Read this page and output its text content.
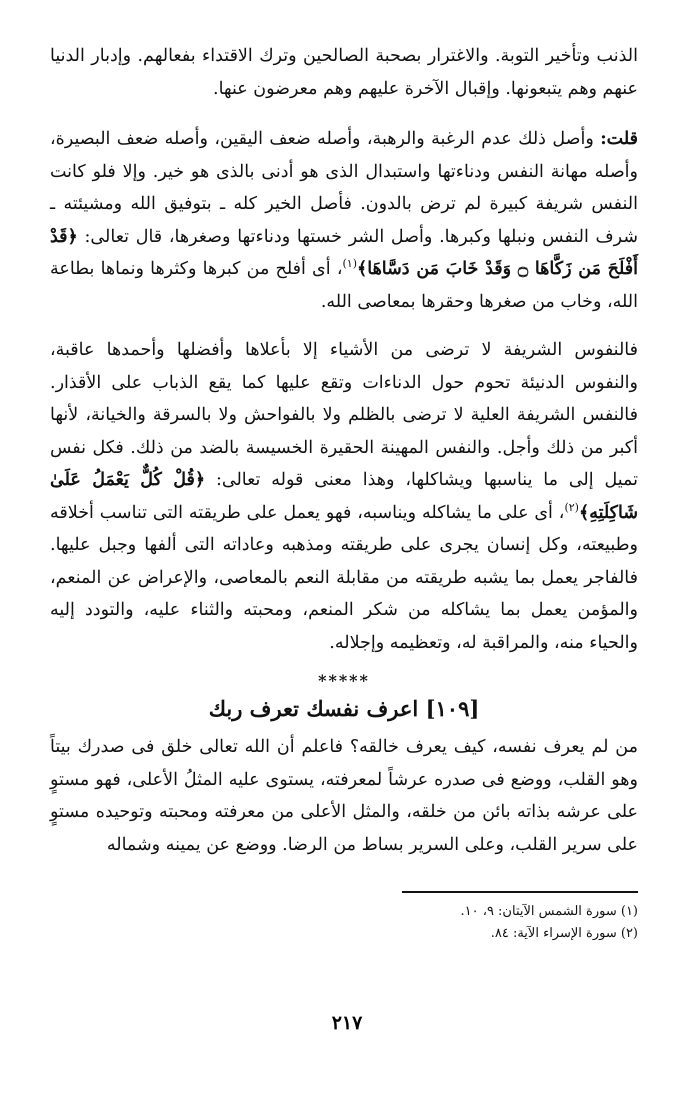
الذنب وتأخير التوبة. والاغترار بصحبة الصالحين وترك الاقتداء بفعالهم. وإدبار الدنيا عنهم وهم يتبعونها. وإقبال الآخرة عليهم وهم معرضون عنها.

قلت: وأصل ذلك عدم الرغبة والرهبة، وأصله ضعف اليقين، وأصله ضعف البصيرة، وأصله مهانة النفس ودناءتها واستبدال الذى هو أدنى بالذى هو خير. وإلا فلو كانت النفس شريفة كبيرة لم ترض بالدون. فأصل الخير كله ـ بتوفيق الله ومشيئته ـ شرف النفس ونبلها وكبرها. وأصل الشر خستها ودناءتها وصغرها، قال تعالى: ﴿قَدْ أَفْلَحَ مَن زَكَّاهَا ۝ وَقَدْ خَابَ مَن دَسَّاهَا﴾$^{(١)}$، أى أفلح من كبرها وكثرها ونماها بطاعة الله، وخاب من صغرها وحقرها بمعاصى الله.

فالنفوس الشريفة لا ترضى من الأشياء إلا بأعلاها وأفضلها وأحمدها عاقبة، والنفوس الدنيئة تحوم حول الدناءات وتقع عليها كما يقع الذباب على الأقذار. فالنفس الشريفة العلية لا ترضى بالظلم ولا بالفواحش ولا بالسرقة والخيانة، لأنها أكبر من ذلك وأجل. والنفس المهينة الحقيرة الخسيسة بالضد من ذلك. فكل نفس تميل إلى ما يناسبها ويشاكلها، وهذا معنى قوله تعالى: ﴿قُلْ كُلٌّ يَعْمَلُ عَلَىٰ شَاكِلَتِهِ﴾$^{(٢)}$، أى على ما يشاكله ويناسبه، فهو يعمل على طريقته التى تناسب أخلاقه وطبيعته، وكل إنسان يجرى على طريقته ومذهبه وعاداته التى ألفها وجبل عليها. فالفاجر يعمل بما يشبه طريقته من مقابلة النعم بالمعاصى، والإعراض عن المنعم، والمؤمن يعمل بما يشاكله من شكر المنعم، ومحبته والثناء عليه، والتودد إليه والحياء منه، والمراقبة له، وتعظيمه وإجلاله.

*****
[١٠٩] اعرف نفسك تعرف ربك

من لم يعرف نفسه، كيف يعرف خالقه؟ فاعلم أن الله تعالى خلق فى صدرك بيتاً وهو القلب، ووضع فى صدره عرشاً لمعرفته، يستوى عليه المثلُ الأعلى، فهو مستوٍ على عرشه بذاته بائن من خلقه، والمثل الأعلى من معرفته ومحبته وتوحيده مستوٍ على سرير القلب، وعلى السرير بساط من الرضا. ووضع عن يمينه وشماله

(١) سورة الشمس الآيتان: ٩، ١٠.
(٢) سورة الإسراء الآية: ٨٤.
٢١٧
